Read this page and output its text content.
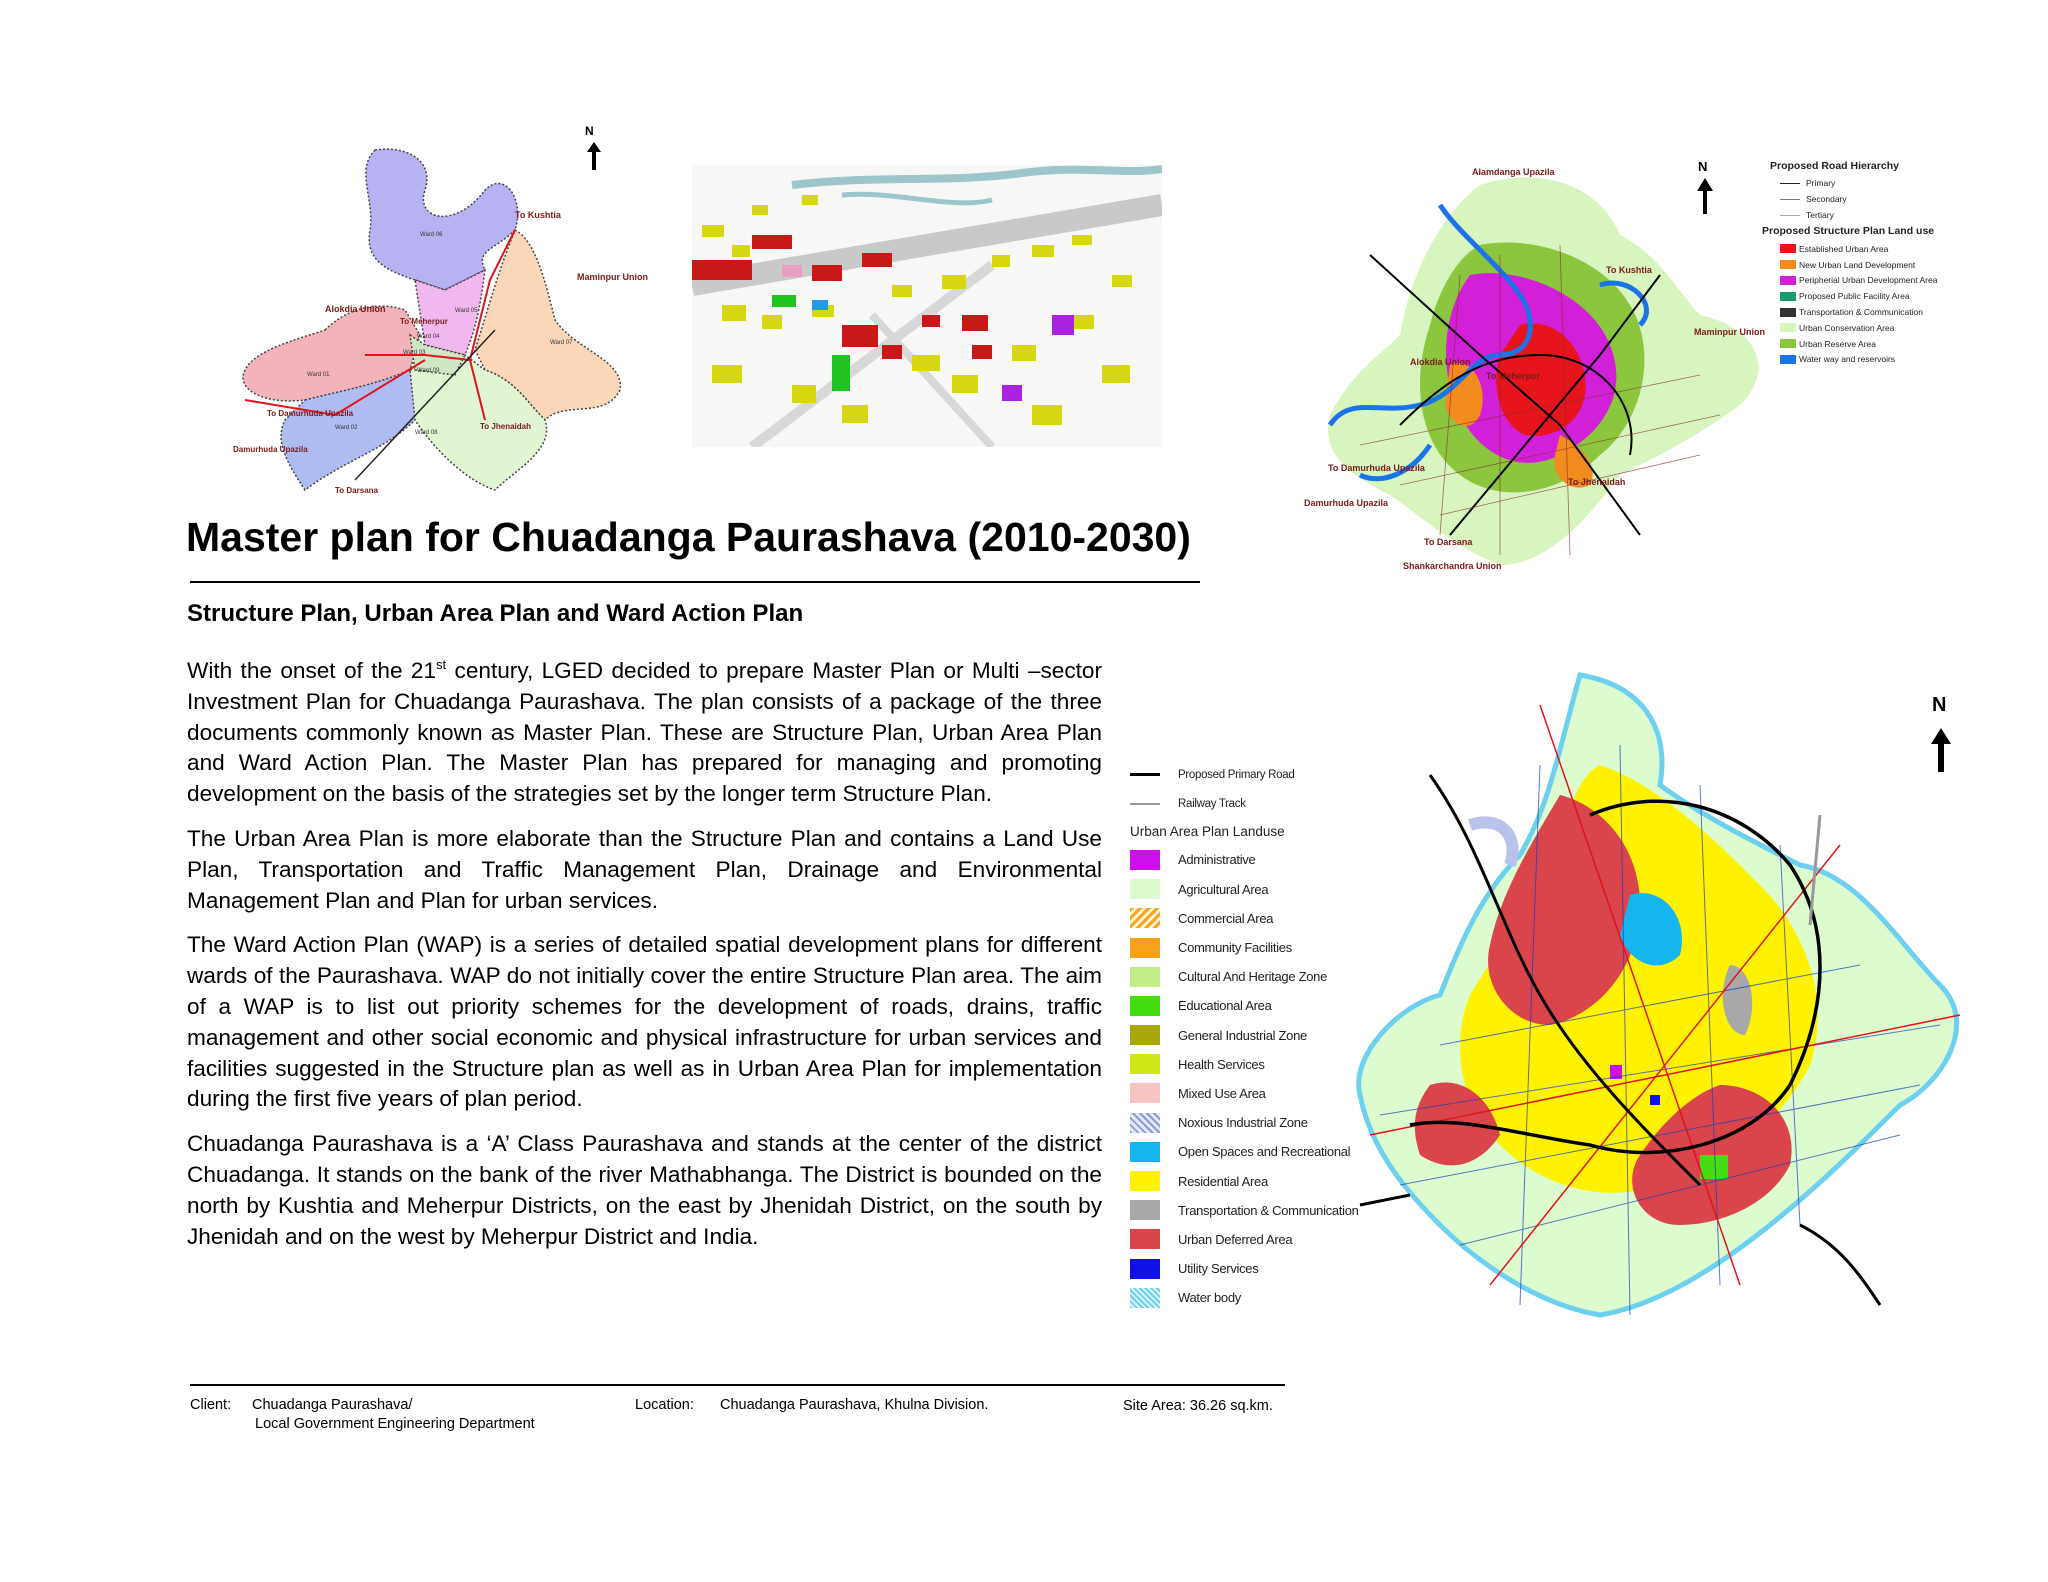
N
To Kushtia
Maminpur Union
Alokdia Union
To Meherpur
To Damurhuda Upazila
Damurhuda Upazila
To Darsana
To Jhenaidah
Ward 06
Ward 05
Ward 04
Ward 03
Ward 09
Ward 01
Ward 02
Ward 07
Ward 08
Alamdanga Upazila
To Kushtia
Maminpur Union
Alokdia Union
To Meherpur
To Damurhuda Upazila
Damurhuda Upazila
To Jhenaidah
To Darsana
Shankarchandra Union
N	Proposed Road Hierarchy
Primary
Secondary
Tertiary
Proposed Structure Plan Land use
Established Urban Area
New Urban Land Development
Peripherial Urban Development Area
Proposed Public Facility Area
Transportation & Communication
Urban Conservation Area
Urban Reserve Area
Water way and reservoirs
Master plan for Chuadanga Paurashava (2010-2030)
Structure Plan, Urban Area Plan and Ward Action Plan

With the onset of the 21st century, LGED decided to prepare Master Plan or Multi –sector Investment Plan for Chuadanga Paurashava. The plan consists of a package of the three documents commonly known as Master Plan. These are Structure Plan, Urban Area Plan and Ward Action Plan. The Master Plan has prepared for managing and promoting development on the basis of the strategies set by the longer term Structure Plan.

The Urban Area Plan is more elaborate than the Structure Plan and contains a Land Use Plan, Transportation and Traffic Management Plan, Drainage and Environmental Management Plan and Plan for urban services.

The Ward Action Plan (WAP) is a series of detailed spatial development plans for different wards of the Paurashava. WAP do not initially cover the entire Structure Plan area. The aim of a WAP is to list out priority schemes for the development of roads, drains, traffic management and other social economic and physical infrastructure for urban services and facilities suggested in the Structure plan as well as in Urban Area Plan for implementation during the first five years of plan period.

Chuadanga Paurashava is a ‘A’ Class Paurashava and stands at the center of the district Chuadanga. It stands on the bank of the river Mathabhanga. The District is bounded on the north by Kushtia and Meherpur Districts, on the east by Jhenidah District, on the south by Jhenidah and on the west by Meherpur District and India.

Proposed Primary Road
Railway Track
Urban Area Plan Landuse
Administrative
Agricultural Area
Commercial Area
Community Facilities
Cultural And Heritage Zone
Educational Area
General Industrial Zone
Health Services
Mixed Use Area
Noxious Industrial Zone
Open Spaces and Recreational
Residential Area
Transportation & Communication
Urban Deferred Area
Utility Services
Water body
N
Client: Chuadanga Paurashava/
Local Government Engineering Department
Location: Chuadanga Paurashava, Khulna Division.	Site Area: 36.26 sq.km.
